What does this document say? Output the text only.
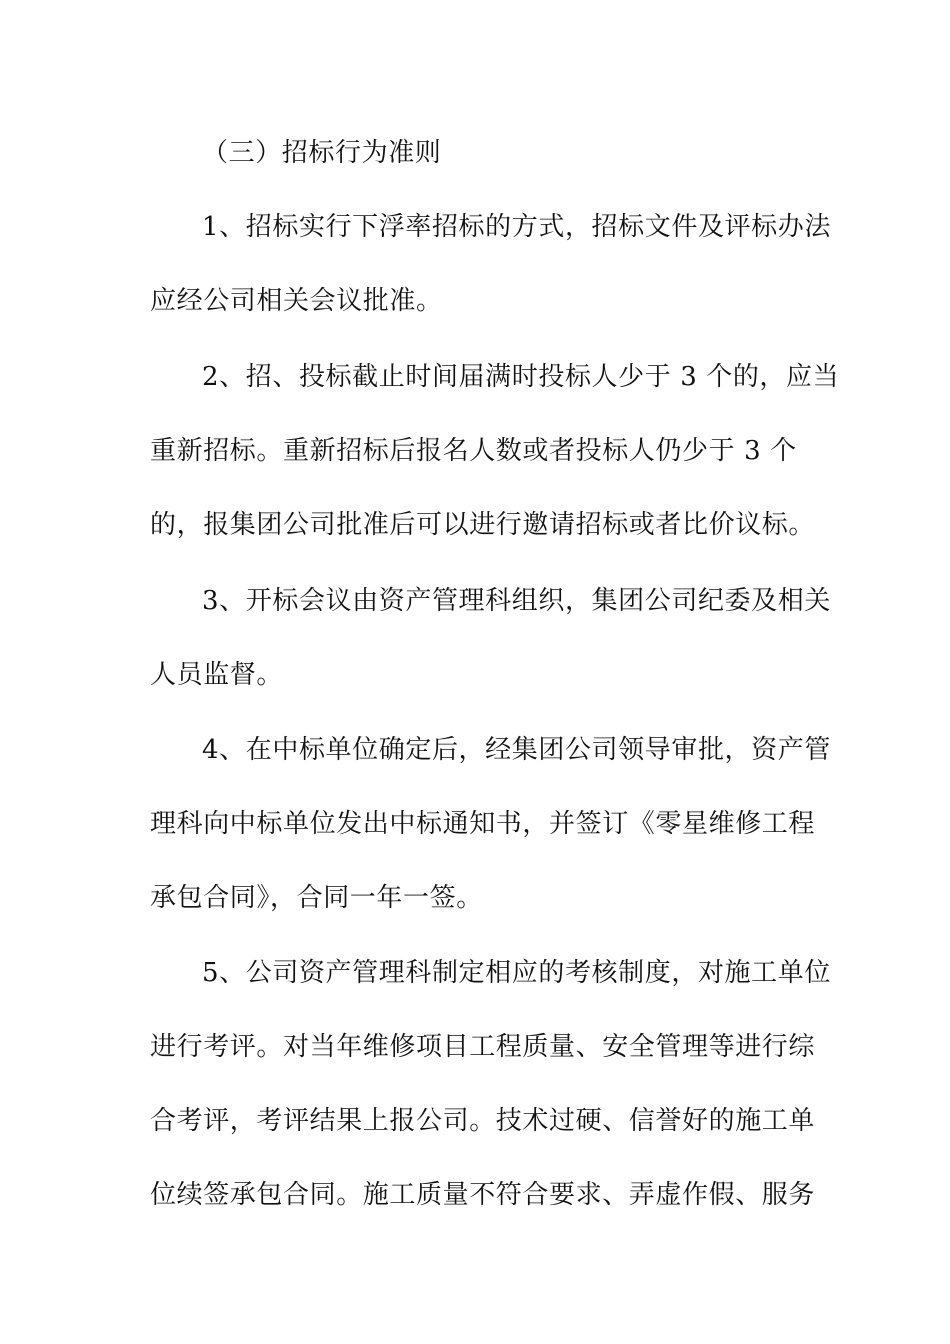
（三）招标行为准则
1、招标实行下浮率招标的方式，招标文件及评标办法
应经公司相关会议批准。
2、招、投标截止时间届满时投标人少于 3 个的，应当
重新招标。重新招标后报名人数或者投标人仍少于 3 个
的，报集团公司批准后可以进行邀请招标或者比价议标。
3、开标会议由资产管理科组织，集团公司纪委及相关
人员监督。
4、在中标单位确定后，经集团公司领导审批，资产管
理科向中标单位发出中标通知书，并签订《零星维修工程
承包合同》，合同一年一签。
5、公司资产管理科制定相应的考核制度，对施工单位
进行考评。对当年维修项目工程质量、安全管理等进行综
合考评，考评结果上报公司。技术过硬、信誉好的施工单
位续签承包合同。施工质量不符合要求、弄虚作假、服务
